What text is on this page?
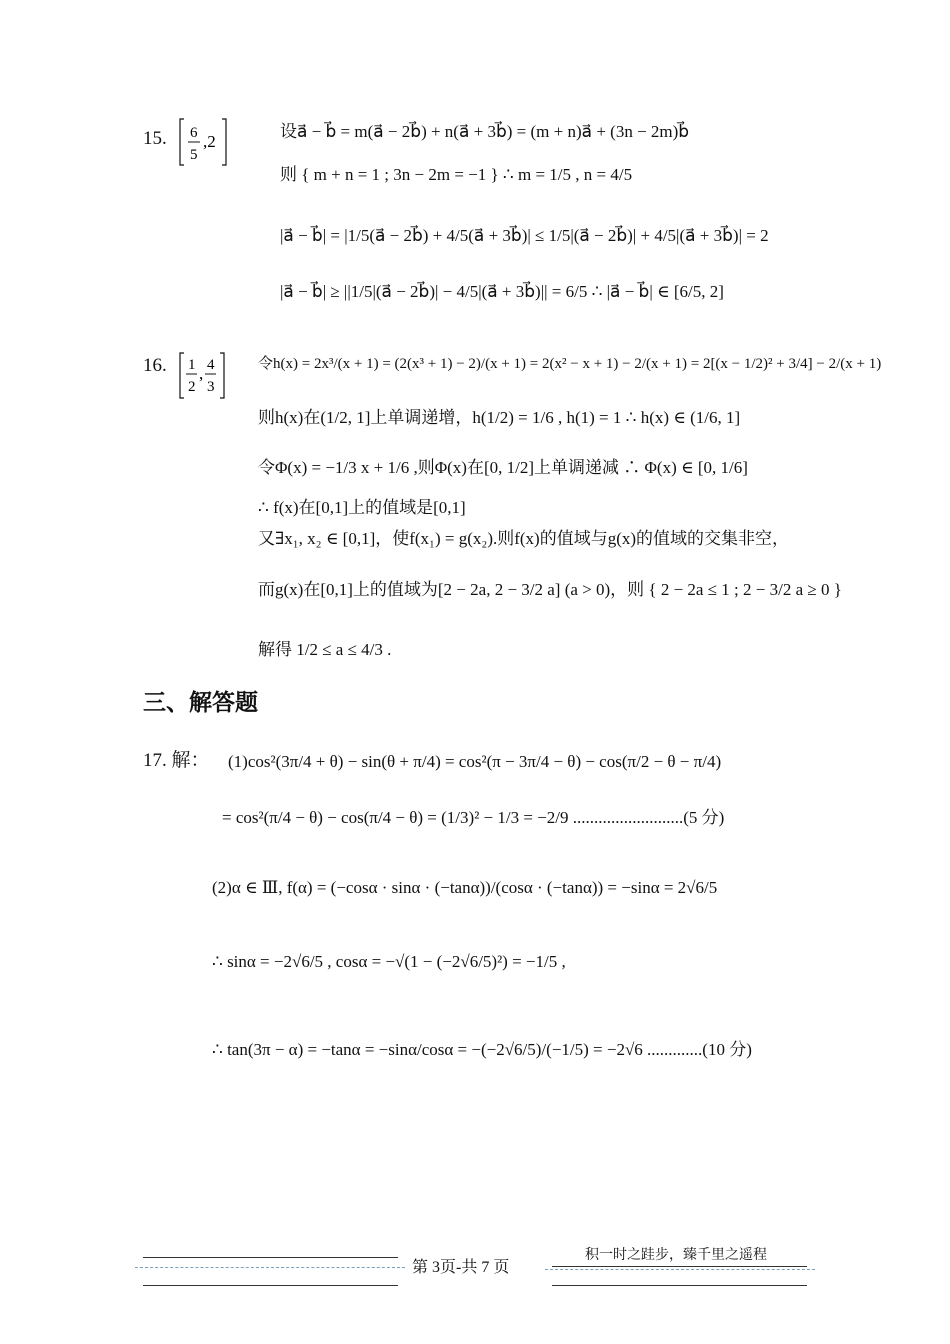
15. 6
5
,2
设a⃗ − b⃗ = m(a⃗ − 2b⃗) + n(a⃗ + 3b⃗) = (m + n)a⃗ + (3n − 2m)b⃗
则 { m + n = 1 ; 3n − 2m = −1 } ∴ m = 1/5 , n = 4/5
|a⃗ − b⃗| = |1/5(a⃗ − 2b⃗) + 4/5(a⃗ + 3b⃗)| ≤ 1/5|(a⃗ − 2b⃗)| + 4/5|(a⃗ + 3b⃗)| = 2
|a⃗ − b⃗| ≥ ||1/5|(a⃗ − 2b⃗)| − 4/5|(a⃗ + 3b⃗)|| = 6/5 ∴ |a⃗ − b⃗| ∈ [6/5, 2]
16. 1
2
, 4
3
令h(x) = 2x³/(x + 1) = (2(x³ + 1) − 2)/(x + 1) = 2(x² − x + 1) − 2/(x + 1) = 2[(x − 1/2)² + 3/4] − 2/(x + 1)
则h(x)在(1/2, 1]上单调递增，h(1/2) = 1/6 , h(1) = 1 ∴ h(x) ∈ (1/6, 1]
令Φ(x) = −1/3 x + 1/6 ,则Φ(x)在[0, 1/2]上单调递减 ∴ Φ(x) ∈ [0, 1/6]
∴ f(x)在[0,1]上的值域是[0,1]
又∃x₁, x₂ ∈ [0,1]，使f(x₁) = g(x₂).则f(x)的值域与g(x)的值域的交集非空，
而g(x)在[0,1]上的值域为[2 − 2a, 2 − 3/2 a] (a > 0)，则 { 2 − 2a ≤ 1 ; 2 − 3/2 a ≥ 0 }
解得 1/2 ≤ a ≤ 4/3 .
三、解答题
17. 解： (1)cos²(3π/4 + θ) − sin(θ + π/4) = cos²(π − 3π/4 − θ) − cos(π/2 − θ − π/4)
= cos²(π/4 − θ) − cos(π/4 − θ) = (1/3)² − 1/3 = −2/9 ..........................(5 分)
(2)α ∈ Ⅲ, f(α) = (−cosα · sinα · (−tanα))/(cosα · (−tanα)) = −sinα = 2√6/5
∴ sinα = −2√6/5 , cosα = −√(1 − (−2√6/5)²) = −1/5 ,
∴ tan(3π − α) = −tanα = −sinα/cosα = −(−2√6/5)/(−1/5) = −2√6 .............(10 分)
第 3页-共 7 页
积一时之跬步，臻千里之遥程
